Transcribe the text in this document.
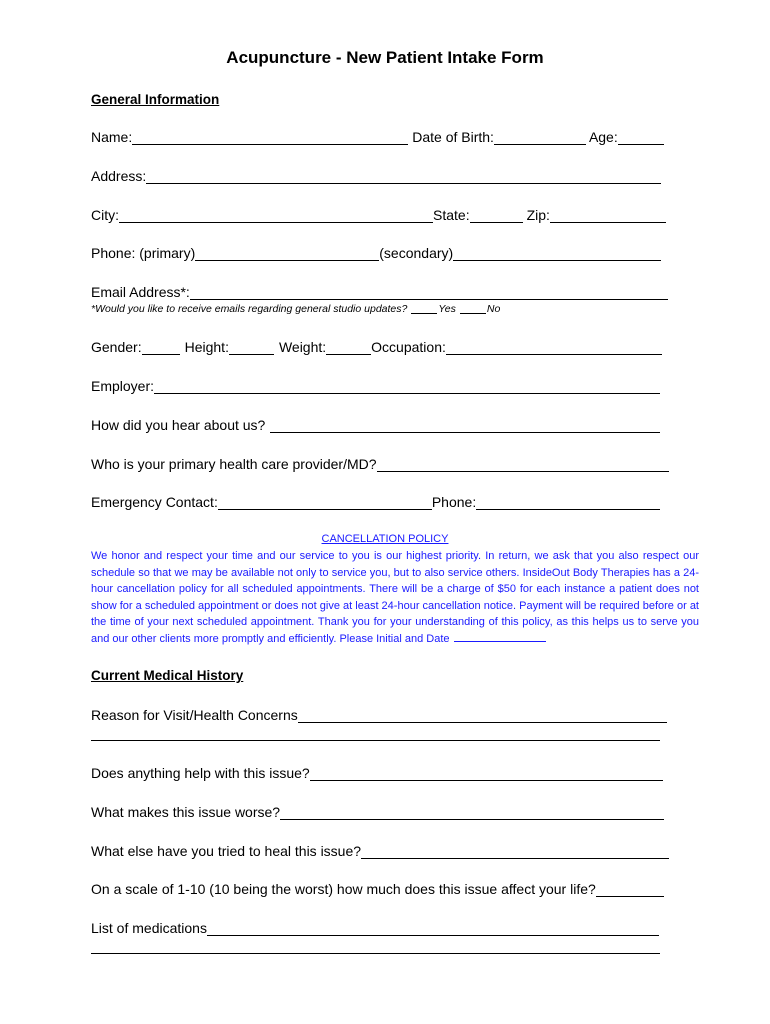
Acupuncture - New Patient Intake Form
General Information
Name:	Date of Birth:	Age:
Address:
City:	State:	Zip:
Phone: (primary)	(secondary)
Email Address*:
*Would you like to receive emails regarding general studio updates?	Yes	No
Gender:	Height:	Weight:	Occupation:
Employer:
How did you hear about us?
Who is your primary health care provider/MD?
Emergency Contact:	Phone:
CANCELLATION POLICY
We honor and respect your time and our service to you is our highest priority. In return, we ask that you also respect our schedule so that we may be available not only to service you, but to also service others. InsideOut Body Therapies has a 24-hour cancellation policy for all scheduled appointments. There will be a charge of $50 for each instance a patient does not show for a scheduled appointment or does not give at least 24-hour cancellation notice. Payment will be required before or at the time of your next scheduled appointment. Thank you for your understanding of this policy, as this helps us to serve you and our other clients more promptly and efficiently. Please Initial and Date
Current Medical History
Reason for Visit/Health Concerns
Does anything help with this issue?
What makes this issue worse?
What else have you tried to heal this issue?
On a scale of 1-10 (10 being the worst) how much does this issue affect your life?
List of medications
